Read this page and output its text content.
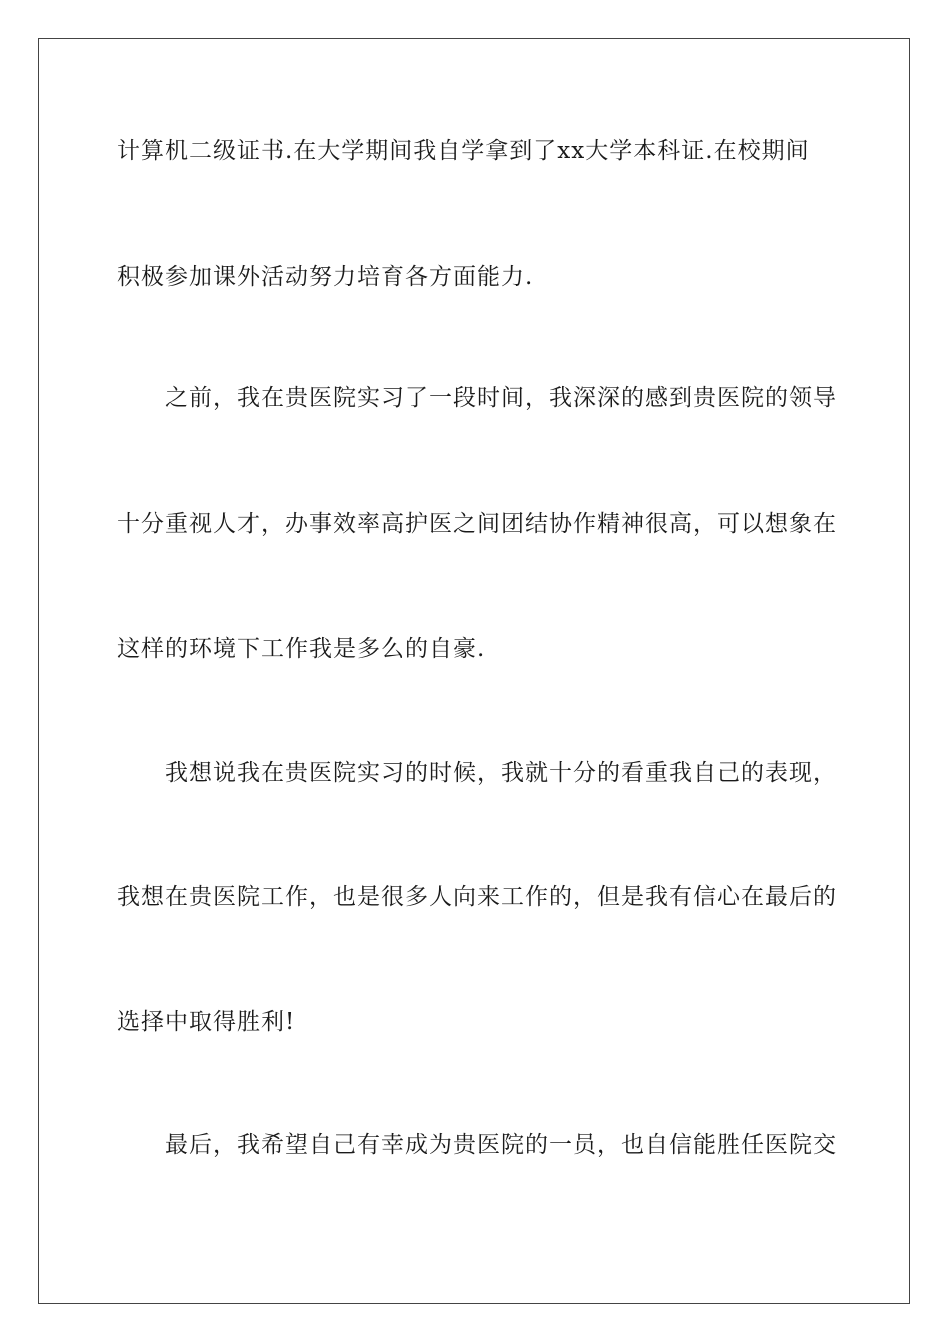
计算机二级证书.在大学期间我自学拿到了xx大学本科证.在校期间
积极参加课外活动努力培育各方面能力.
之前，我在贵医院实习了一段时间，我深深的感到贵医院的领导
十分重视人才，办事效率高护医之间团结协作精神很高，可以想象在
这样的环境下工作我是多么的自豪.
我想说我在贵医院实习的时候，我就十分的看重我自己的表现，
我想在贵医院工作，也是很多人向来工作的，但是我有信心在最后的
选择中取得胜利!
最后，我希望自己有幸成为贵医院的一员，也自信能胜任医院交
